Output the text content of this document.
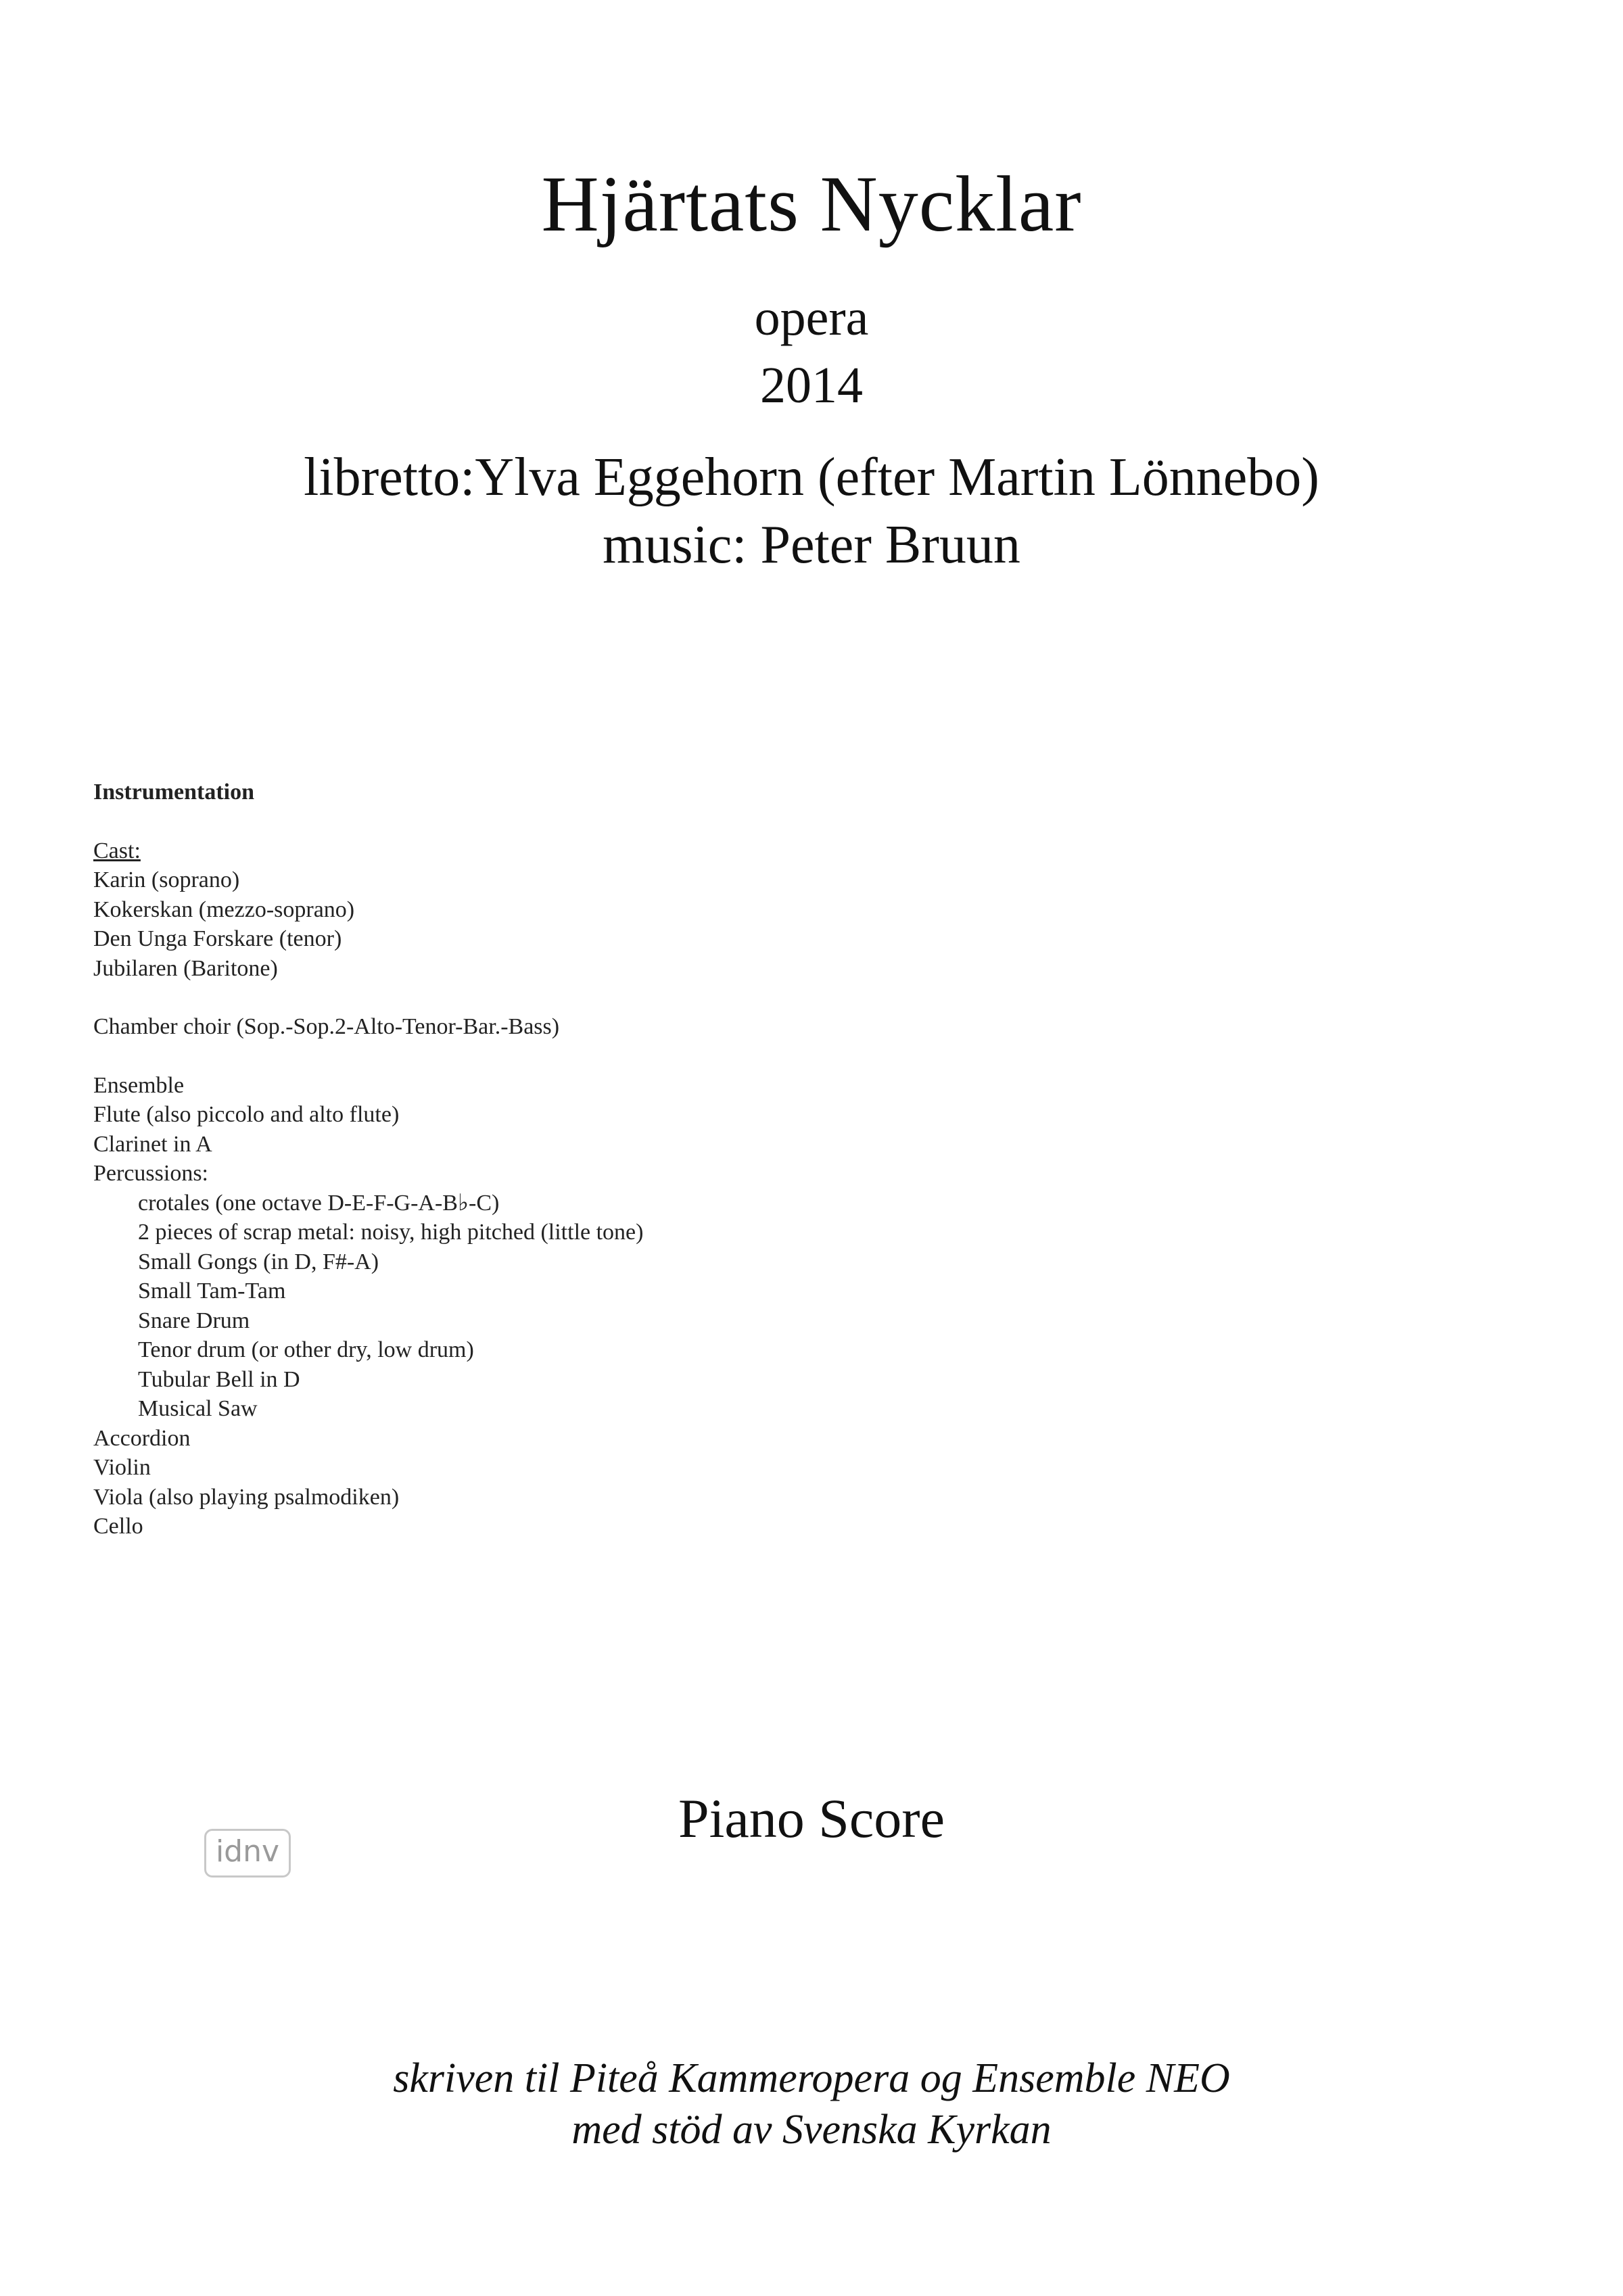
Hjärtats Nycklar
opera
2014
libretto:Ylva Eggehorn (efter Martin Lönnebo)
music: Peter Bruun
Instrumentation
Cast:
Karin (soprano)
Kokerskan (mezzo-soprano)
Den Unga Forskare (tenor)
Jubilaren (Baritone)
Chamber choir (Sop.-Sop.2-Alto-Tenor-Bar.-Bass)
Ensemble
Flute (also piccolo and alto flute)
Clarinet in A
Percussions:
crotales (one octave D-E-F-G-A-B♭-C)
2 pieces of scrap metal: noisy, high pitched (little tone)
Small Gongs (in D, F#-A)
Small Tam-Tam
Snare Drum
Tenor drum (or other dry, low drum)
Tubular Bell in D
Musical Saw
Accordion
Violin
Viola (also playing psalmodiken)
Cello
idnv
Piano Score
skriven til Piteå Kammeropera og Ensemble NEO
med stöd av Svenska Kyrkan
